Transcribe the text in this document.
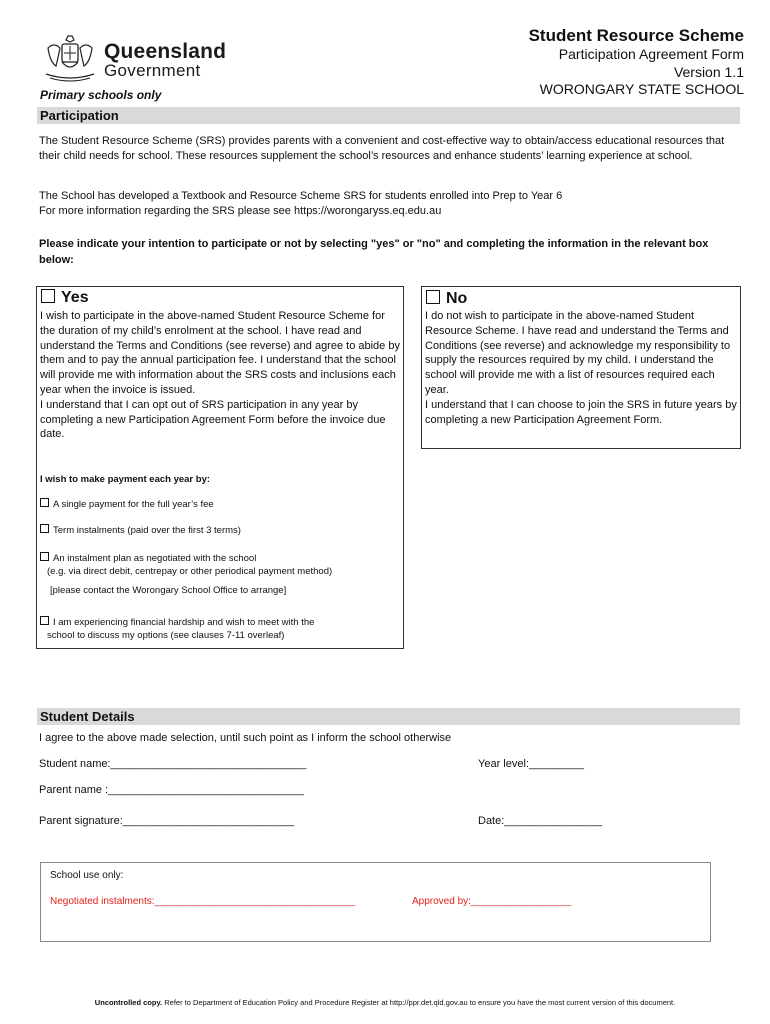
Queensland
Government
Student Resource Scheme
Participation Agreement Form
Version 1.1
WORONGARY STATE SCHOOL
Primary schools only
Participation
The Student Resource Scheme (SRS) provides parents with a convenient and cost-effective way to obtain/access educational resources that their child needs for school. These resources supplement the school’s resources and enhance students’ learning experience at school.
The School has developed a Textbook and Resource Scheme SRS for students enrolled into Prep to Year 6
For more information regarding the SRS please see https://worongaryss.eq.edu.au
Please indicate your intention to participate or not by selecting "yes" or "no" and completing the information in the relevant box below:
Yes
I wish to participate in the above-named Student Resource Scheme for the duration of my child’s enrolment at the school. I have read and understand the Terms and Conditions (see reverse) and agree to abide by them and to pay the annual participation fee. I understand that the school will provide me with information about the SRS costs and inclusions each year when the invoice is issued.
I understand that I can opt out of SRS participation in any year by completing a new Participation Agreement Form before the invoice due date.
I wish to make payment each year by:
A single payment for the full year’s fee
Term instalments (paid over the first 3 terms)
An instalment plan as negotiated with the school
(e.g. via direct debit, centrepay or other periodical payment method)
[please contact the Worongary School Office to arrange]
I am experiencing financial hardship and wish to meet with the
school to discuss my options (see clauses 7-11 overleaf)
No
I do not wish to participate in the above-named Student Resource Scheme. I have read and understand the Terms and Conditions (see reverse) and acknowledge my responsibility to supply the resources required by my child. I understand the school will provide me with a list of resources required each year.
I understand that I can choose to join the SRS in future years by completing a new Participation Agreement Form.
Student Details
I agree to the above made selection, until such point as I inform the school otherwise
Student name:________________________________	Year level:_________
Parent name :________________________________
Parent signature:____________________________	Date:________________
School use only:
Negotiated instalments:____________________________________	Approved by:__________________
Uncontrolled copy. Refer to Department of Education Policy and Procedure Register at http://ppr.det.qld.gov.au to ensure you have the most current version of this document.
